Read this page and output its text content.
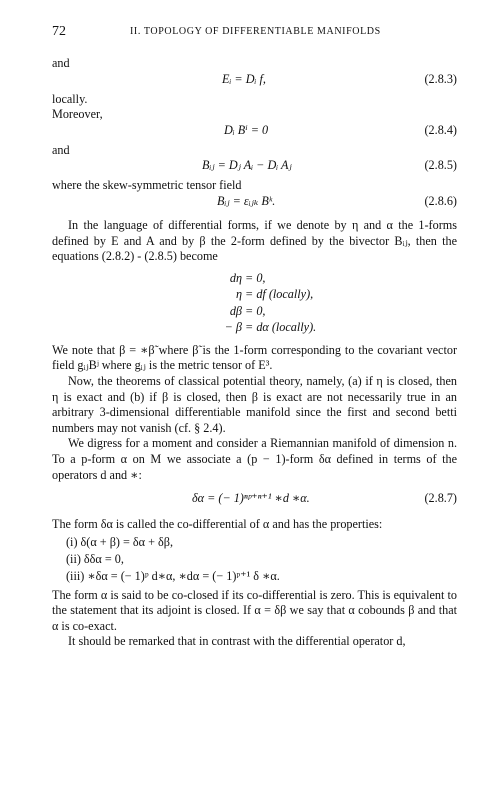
72	II. TOPOLOGY OF DIFFERENTIABLE MANIFOLDS

and

Eᵢ = Dᵢ f,	(2.8.3)

locally.

Moreover,

Dᵢ Bⁱ = 0	(2.8.4)

and

Bᵢⱼ = Dⱼ Aᵢ − Dᵢ Aⱼ	(2.8.5)

where the skew-symmetric tensor field

Bᵢⱼ = εᵢⱼₖ Bᵏ.	(2.8.6)

In the language of differential forms, if we denote by η and α the 1-forms defined by E and A and by β the 2-form defined by the bivector Bᵢⱼ, then the equations (2.8.2) - (2.8.5) become

dη = 0,
η = df (locally),
dβ = 0,
− β = dα (locally).

We note that β = ∗β̃ where β̃ is the 1-form corresponding to the covariant vector field gᵢⱼBʲ where gᵢⱼ is the metric tensor of E³.

Now, the theorems of classical potential theory, namely, (a) if η is closed, then η is exact and (b) if β is closed, then β is exact are not necessarily true in an arbitrary 3-dimensional differentiable manifold since the first and second betti numbers may not vanish (cf. § 2.4).

We digress for a moment and consider a Riemannian manifold of dimension n. To a p-form α on M we associate a (p − 1)-form δα defined in terms of the operators d and ∗:

δα = (− 1)ⁿᵖ⁺ⁿ⁺¹ ∗d ∗α.	(2.8.7)

The form δα is called the co-differential of α and has the properties:

(i) δ(α + β) = δα + δβ,
(ii) δδα = 0,
(iii) ∗δα = (− 1)ᵖ d∗α, ∗dα = (− 1)ᵖ⁺¹ δ ∗α.

The form α is said to be co-closed if its co-differential is zero. This is equivalent to the statement that its adjoint is closed. If α = δβ we say that α cobounds β and that α is co-exact.

It should be remarked that in contrast with the differential operator d,
